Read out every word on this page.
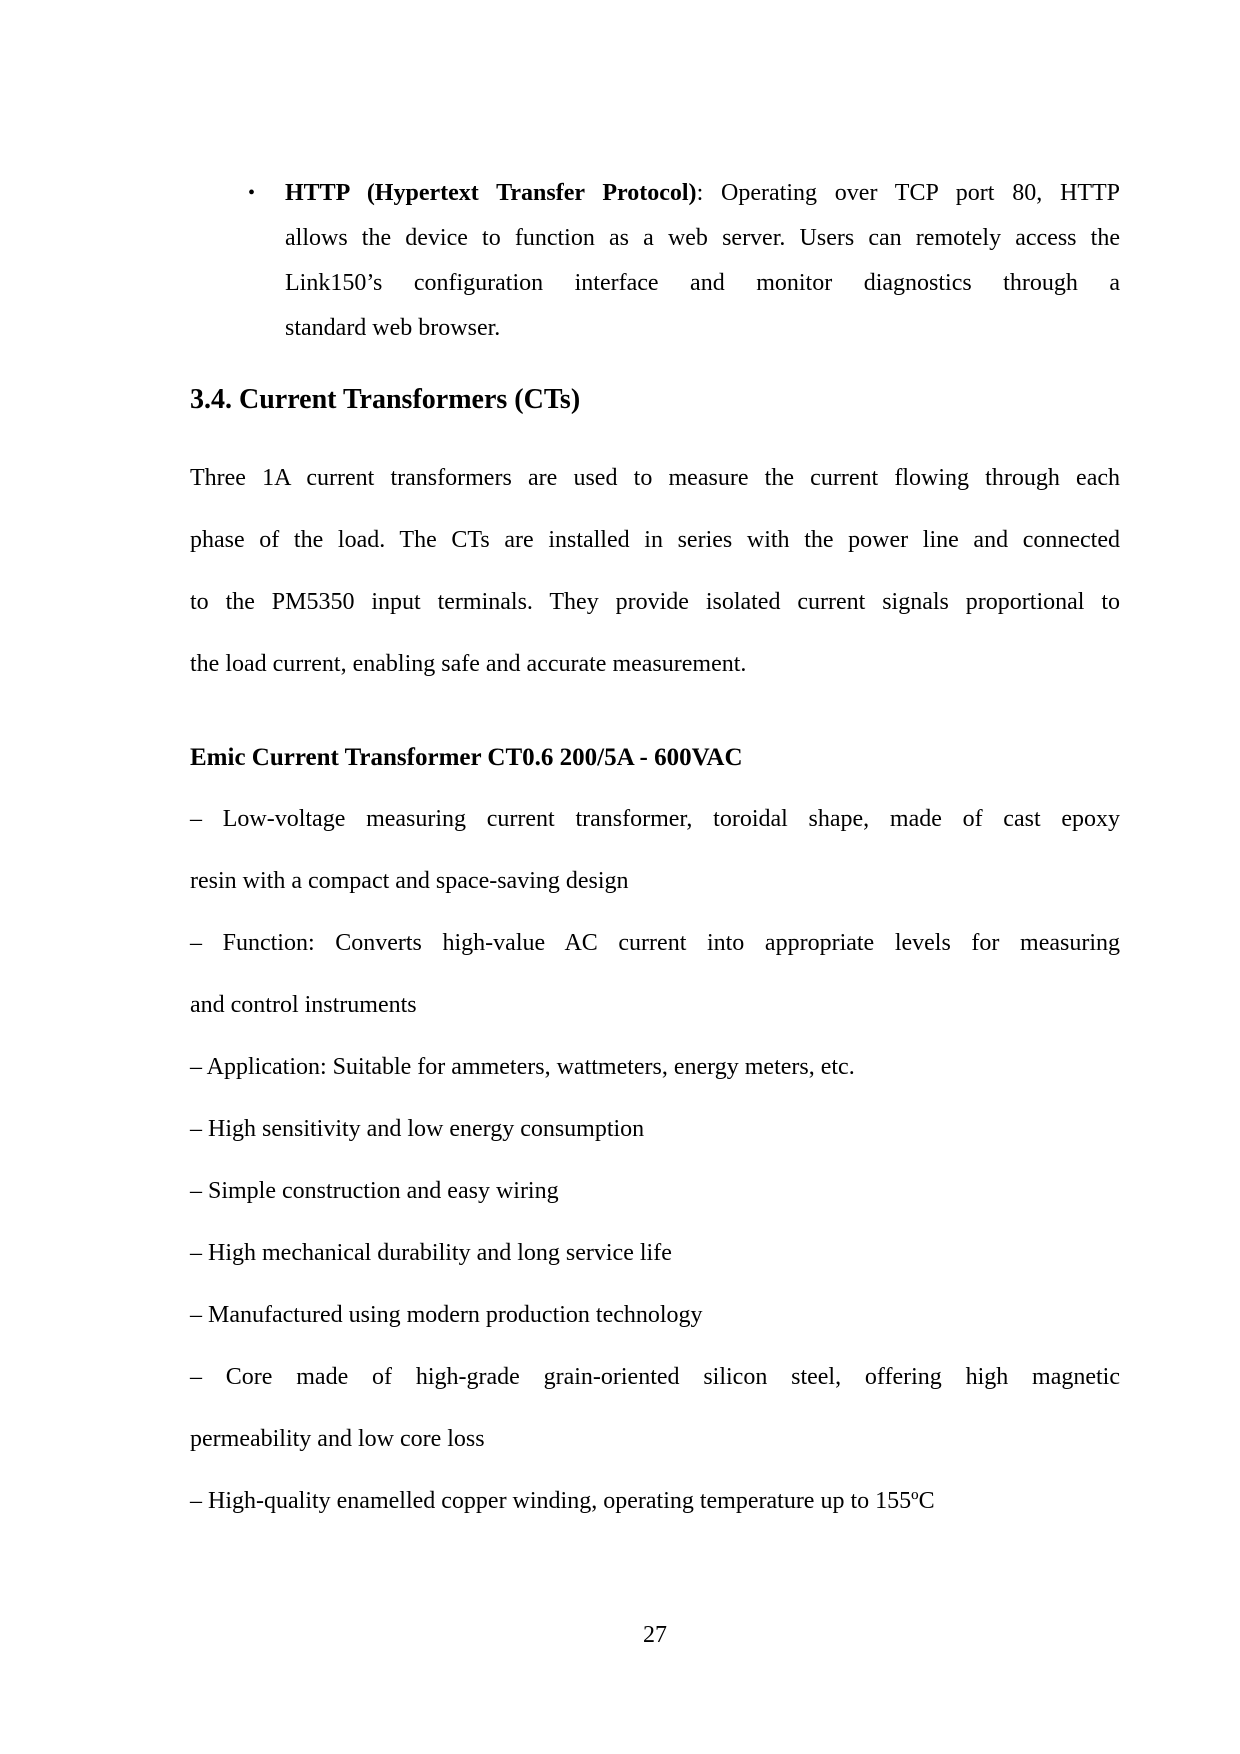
• HTTP (Hypertext Transfer Protocol): Operating over TCP port 80, HTTP
allows the device to function as a web server. Users can remotely access the
Link150’s configuration interface and monitor diagnostics through a
standard web browser.
3.4. Current Transformers (CTs)
Three 1A current transformers are used to measure the current flowing through each
phase of the load. The CTs are installed in series with the power line and connected
to the PM5350 input terminals. They provide isolated current signals proportional to
the load current, enabling safe and accurate measurement.
Emic Current Transformer CT0.6 200/5A - 600VAC
– Low-voltage measuring current transformer, toroidal shape, made of cast epoxy
resin with a compact and space-saving design
– Function: Converts high-value AC current into appropriate levels for measuring
and control instruments
– Application: Suitable for ammeters, wattmeters, energy meters, etc.
– High sensitivity and low energy consumption
– Simple construction and easy wiring
– High mechanical durability and long service life
– Manufactured using modern production technology
– Core made of high-grade grain-oriented silicon steel, offering high magnetic
permeability and low core loss
– High-quality enamelled copper winding, operating temperature up to 155ºC
27
